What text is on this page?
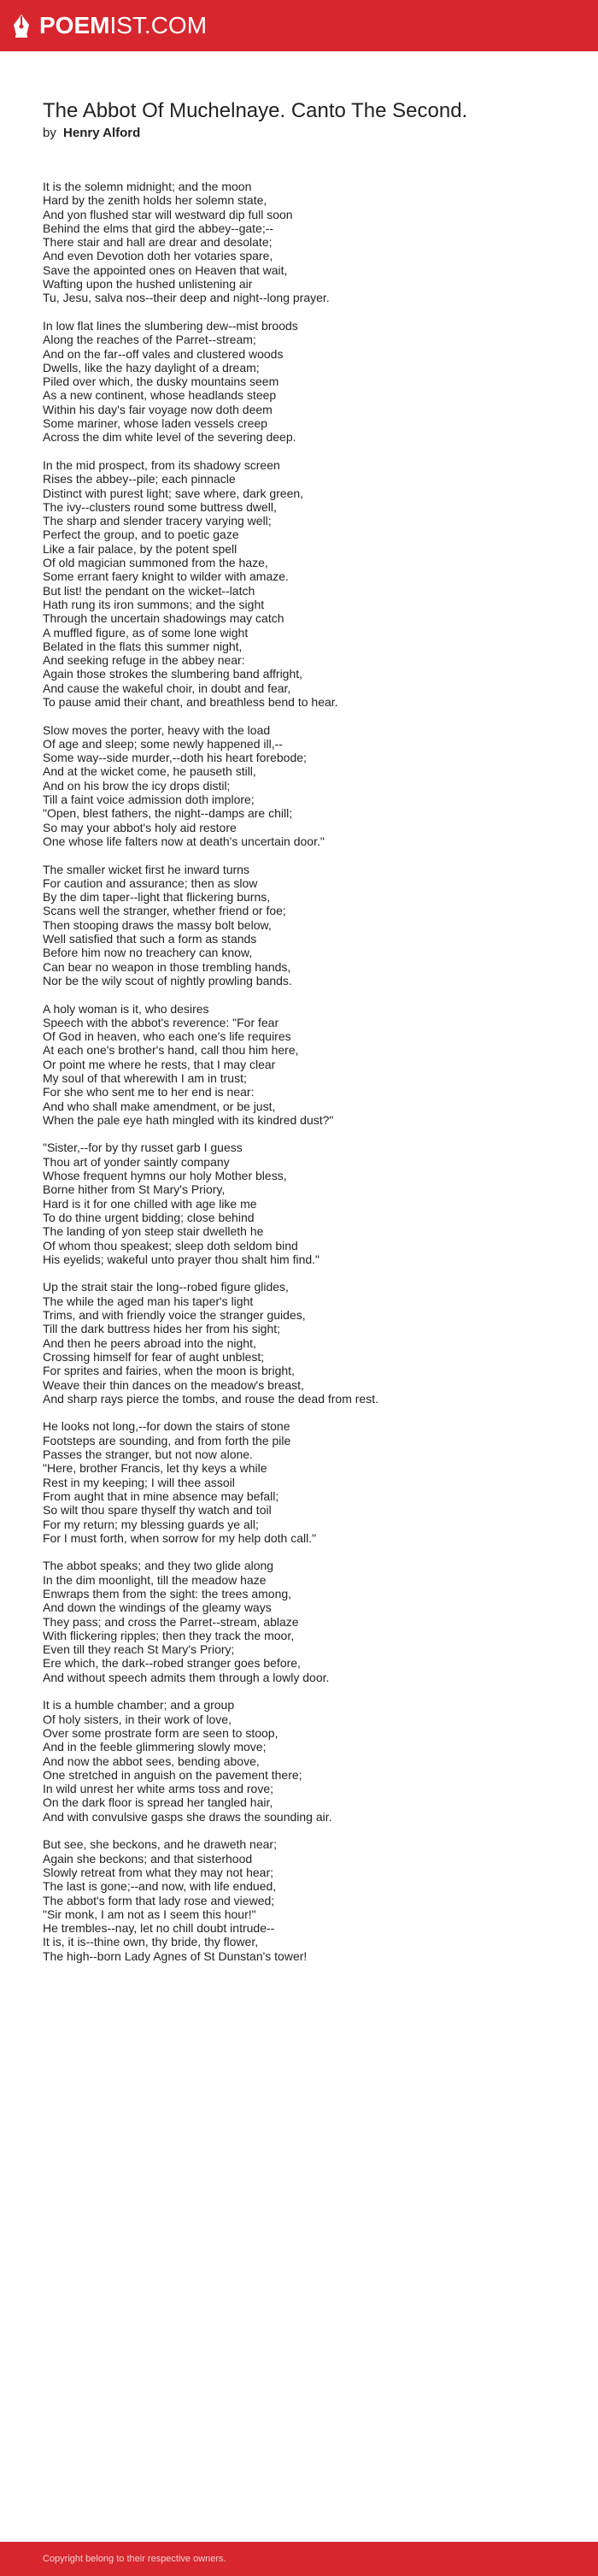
POEMIST.COM
The Abbot Of Muchelnaye. Canto The Second.
by Henry Alford
It is the solemn midnight; and the moon
Hard by the zenith holds her solemn state,
And yon flushed star will westward dip full soon
Behind the elms that gird the abbey--gate;--
There stair and hall are drear and desolate;
And even Devotion doth her votaries spare,
Save the appointed ones on Heaven that wait,
Wafting upon the hushed unlistening air
Tu, Jesu, salva nos--their deep and night--long prayer.
In low flat lines the slumbering dew--mist broods
Along the reaches of the Parret--stream;
And on the far--off vales and clustered woods
Dwells, like the hazy daylight of a dream;
Piled over which, the dusky mountains seem
As a new continent, whose headlands steep
Within his day's fair voyage now doth deem
Some mariner, whose laden vessels creep
Across the dim white level of the severing deep.
In the mid prospect, from its shadowy screen
Rises the abbey--pile; each pinnacle
Distinct with purest light; save where, dark green,
The ivy--clusters round some buttress dwell,
The sharp and slender tracery varying well;
Perfect the group, and to poetic gaze
Like a fair palace, by the potent spell
Of old magician summoned from the haze,
Some errant faery knight to wilder with amaze.
But list! the pendant on the wicket--latch
Hath rung its iron summons; and the sight
Through the uncertain shadowings may catch
A muffled figure, as of some lone wight
Belated in the flats this summer night,
And seeking refuge in the abbey near:
Again those strokes the slumbering band affright,
And cause the wakeful choir, in doubt and fear,
To pause amid their chant, and breathless bend to hear.
Slow moves the porter, heavy with the load
Of age and sleep; some newly happened ill,--
Some way--side murder,--doth his heart forebode;
And at the wicket come, he pauseth still,
And on his brow the icy drops distil;
Till a faint voice admission doth implore;
"Open, blest fathers, the night--damps are chill;
So may your abbot's holy aid restore
One whose life falters now at death's uncertain door."
The smaller wicket first he inward turns
For caution and assurance; then as slow
By the dim taper--light that flickering burns,
Scans well the stranger, whether friend or foe;
Then stooping draws the massy bolt below,
Well satisfied that such a form as stands
Before him now no treachery can know,
Can bear no weapon in those trembling hands,
Nor be the wily scout of nightly prowling bands.
A holy woman is it, who desires
Speech with the abbot's reverence: "For fear
Of God in heaven, who each one's life requires
At each one's brother's hand, call thou him here,
Or point me where he rests, that I may clear
My soul of that wherewith I am in trust;
For she who sent me to her end is near:
And who shall make amendment, or be just,
When the pale eye hath mingled with its kindred dust?"
"Sister,--for by thy russet garb I guess
Thou art of yonder saintly company
Whose frequent hymns our holy Mother bless,
Borne hither from St Mary's Priory,
Hard is it for one chilled with age like me
To do thine urgent bidding; close behind
The landing of yon steep stair dwelleth he
Of whom thou speakest; sleep doth seldom bind
His eyelids; wakeful unto prayer thou shalt him find."
Up the strait stair the long--robed figure glides,
The while the aged man his taper's light
Trims, and with friendly voice the stranger guides,
Till the dark buttress hides her from his sight;
And then he peers abroad into the night,
Crossing himself for fear of aught unblest;
For sprites and fairies, when the moon is bright,
Weave their thin dances on the meadow's breast,
And sharp rays pierce the tombs, and rouse the dead from rest.
He looks not long,--for down the stairs of stone
Footsteps are sounding, and from forth the pile
Passes the stranger, but not now alone.
"Here, brother Francis, let thy keys a while
Rest in my keeping; I will thee assoil
From aught that in mine absence may befall;
So wilt thou spare thyself thy watch and toil
For my return; my blessing guards ye all;
For I must forth, when sorrow for my help doth call."
The abbot speaks; and they two glide along
In the dim moonlight, till the meadow haze
Enwraps them from the sight: the trees among,
And down the windings of the gleamy ways
They pass; and cross the Parret--stream, ablaze
With flickering ripples; then they track the moor,
Even till they reach St Mary's Priory;
Ere which, the dark--robed stranger goes before,
And without speech admits them through a lowly door.
It is a humble chamber; and a group
Of holy sisters, in their work of love,
Over some prostrate form are seen to stoop,
And in the feeble glimmering slowly move;
And now the abbot sees, bending above,
One stretched in anguish on the pavement there;
In wild unrest her white arms toss and rove;
On the dark floor is spread her tangled hair,
And with convulsive gasps she draws the sounding air.
But see, she beckons, and he draweth near;
Again she beckons; and that sisterhood
Slowly retreat from what they may not hear;
The last is gone;--and now, with life endued,
The abbot's form that lady rose and viewed;
"Sir monk, I am not as I seem this hour!"
He trembles--nay, let no chill doubt intrude--
It is, it is--thine own, thy bride, thy flower,
The high--born Lady Agnes of St Dunstan's tower!
Copyright belong to their respective owners.
